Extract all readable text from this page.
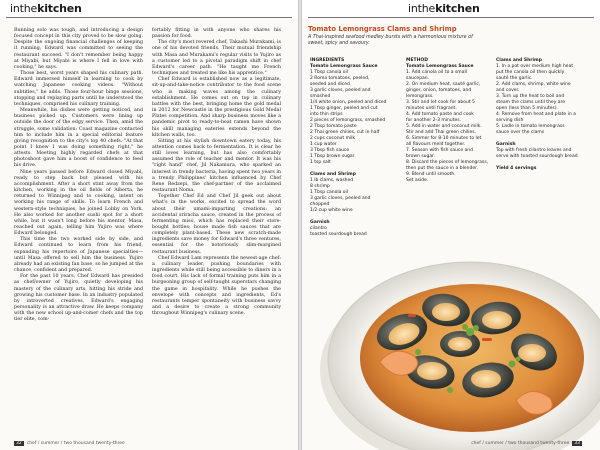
inthekitchen

Running solo was tough, and introducing a design focused concept in this city proved to be slow going. Despite the ongoing financial challenges of keeping it running, Edward was committed to seeing the restaurant succeed. "I don't remember being happy at Miyabi, but Miyabi is where I fell in love with cooking," he says.

Those best, worst years shaped his culinary path. Edward immersed himself in learning to cook by watching Japanese cooking videos. "Without subtitles," he adds. Those four-hour binge sessions, stopping and replaying parts until he understood the techniques, comprised his culinary training.

Meanwhile, his dishes were getting noticed, and business picked up. Customers were lining up outside the door of the edgy service. Then, amid the struggle, some validation: Coast magazine contacted him to include him in a special editorial feature giving recognition to the city's top 40 chefs. "At that point I knew I was doing something right," he attests. Meeting highly regarded chefs at that photoshoot gave him a boost of confidence to feed his drive.

Nine years passed before Edward closed Miyabi, ready to step back but pleased with his accomplishment. After a short stint away from the kitchen, working in the oil fields of Alberta, he returned to Winnipeg and to cooking, intent on working his range of skills. To learn French and western-style techniques, he joined Lobby on York. He also worked for another sushi spot for a short while, but it wasn't long before his mentor, Masa, reached out again, telling him Yujiro was where Edward belonged.

This time the two worked side by side, and Edward continued to learn from his friend, expanding his repertoire of Japanese specialties—until Masa offered to sell him the business. Yujiro already had an existing fan base, so he jumped at the chance, confident and prepared.

For the past 10 years, Chef Edward has presided as chef/owner of Yujiro, quietly developing his mastery of the culinary arts, hitting his stride and growing his customer base. In an industry populated by introverted creatives, Edward's engaging personality is an attractive draw. He keeps company with the new school up-and-comer chefs and the top tier elite, com-

fortably fitting in with anyone who shares his passion for food.

The city's most revered chef, Takashi Murakami, is one of his devoted friends. Their mutual friendship with Masa and Murakami's regular visits to Yujiro as a customer led to a pivotal paradigm shift in chef Edward's career path. "He taught me French techniques and treated me like his apprentice."

Chef Edward is established now as a legitimate, sit-up-and-take-notice contributor to the food scene who is making waves among the culinary establishment. He comes out on top in culinary battles with the best, bringing home the gold medal in 2012 for Newcastle in the prestigious Gold Medal Plates competition. And sharp business moves like a pandemic pivot to ready-to-heat ramen have shown his skill managing eateries extends beyond the kitchen walls, too.

Sitting at his stylish downtown eatery today, his attention comes back to fermentation. It is clear he still loves learning, but has also comfortably assumed the role of teacher and mentor. It was his "right hand" chef, Jil Nakamura, who sparked an interest in trendy bacteria, having spent two years in a trendy Philippines' kitchen influenced by Chef Rene Redzepi, the chef-partner of the acclaimed restaurant Noma.

Together Chef Ed and Chef Jil geek out about what's in the works, excited to spread the word about their umami-imparting creations: an accidental sriracha sauce, created in the process of fermenting miso, which has replaced their store-bought bottles; house made fish sauces that are completely plant-based. These new scratch-made ingredients save money for Edward's three ventures, essential for the notoriously slim-margined restaurant business.

Chef Edward Lam represents the newest-age chef: a culinary leader, pushing boundaries with ingredients while still being accessible to diners in a food court. His lack of formal training puts him in a burgeoning group of self-taught superstars changing the game in hospitality. While he pushes the envelope with concepts and ingredients, Ed's restaurants temper spontaneity with business savvy and a desire to create a strong community throughout Winnipeg's culinary scene.

32 chef / summer / two thousand twenty-three
inthekitchen
Tomato Lemongrass Clams and Shrimp
A Thai-inspired seafood medley bursts with a harmonious mixture of sweet, spicy and savoury.
INGREDIENTS
Tomato Lemongrass Sauce
1 Tbsp canola oil
2 Roma tomatoes, peeled,
seeded and diced
3 garlic cloves, peeled and
smashed
1/4 white onion, peeled and diced
1 Tbsp ginger, peeled and cut
into thin strips
2 pieces of lemongrass, smashed
2 Tbsp tomato paste
2 Thai green chilies, cut in half
2 cups coconut milk
1 cup water
3 Tbsp fish sauce
1 Tbsp brown sugar
1 tsp salt
Clams and Shrimp
1 lb clams, washed
8 shrimp
1 Tbsp canola oil
3 garlic cloves, peeled and
chopped
1/2 cup white wine
Garnish
cilantro
toasted sourdough bread
METHOD
Tomato Lemongrass Sauce
1. Add canola oil to a small
saucepan.
2. On medium heat, sauté garlic,
ginger, onion, tomatoes, and
lemongrass.
3. Stir and let cook for about 5
minutes until fragrant.
4. Add tomato paste and cook
for another 2-3 minutes.
5. Add in water and coconut milk.
Stir and add Thai green chilies.
6. Simmer for 8-10 minutes to let
all flavours meld together.
7. Season with fish sauce and
brown sugar.
8. Discard the pieces of lemongrass,
then put the sauce in a blender.
9. Blend until smooth.
Set aside.
Clams and Shrimp
1. In a pot over medium high heat
put the canola oil then quickly
sauté the garlic.
2. Add clams, shrimp, white wine
and cover.
3. Turn up the heat to boil and
steam the clams until they are
open (less than 5 minutes).
4. Remove from heat and plate in a
serving dish
5. Ladle in tomato lemongrass
sauce over the clams
Garnish
Top with fresh cilantro leaves and
serve with toasted sourdough bread.
Yield 4 servings
chef / summer / two thousand twenty-three 33
